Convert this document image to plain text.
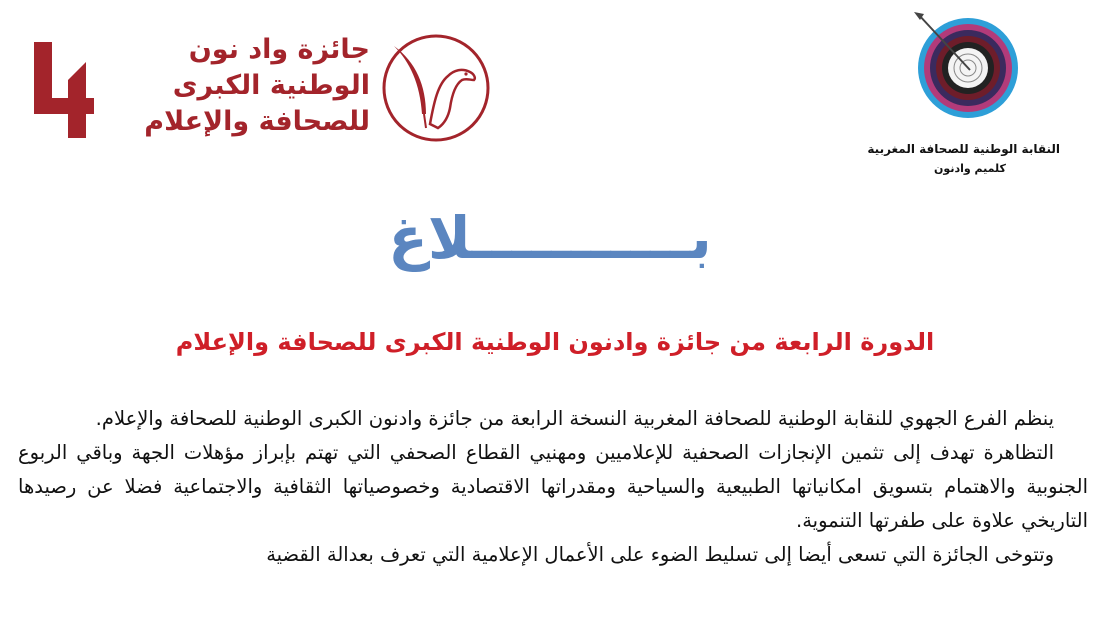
جائزة واد نون
الوطنية الكبرى
للصحافة والإعلام
النقابة الوطنية للصحافة المغربية
كلميم وادنون
بـــــــــــلاغ
الدورة الرابعة من جائزة وادنون الوطنية الكبرى للصحافة والإعلام

ينظم الفرع الجهوي للنقابة الوطنية للصحافة المغربية النسخة الرابعة من جائزة وادنون الكبرى الوطنية للصحافة والإعلام.

التظاهرة تهدف إلى تثمين الإنجازات الصحفية للإعلاميين ومهنيي القطاع الصحفي التي تهتم بإبراز مؤهلات الجهة وباقي الربوع الجنوبية والاهتمام بتسويق امكانياتها الطبيعية والسياحية ومقدراتها الاقتصادية وخصوصياتها الثقافية والاجتماعية فضلا عن رصيدها التاريخي علاوة على طفرتها التنموية.

وتتوخى الجائزة التي تسعى أيضا إلى تسليط الضوء على الأعمال الإعلامية التي تعرف بعدالة القضية
